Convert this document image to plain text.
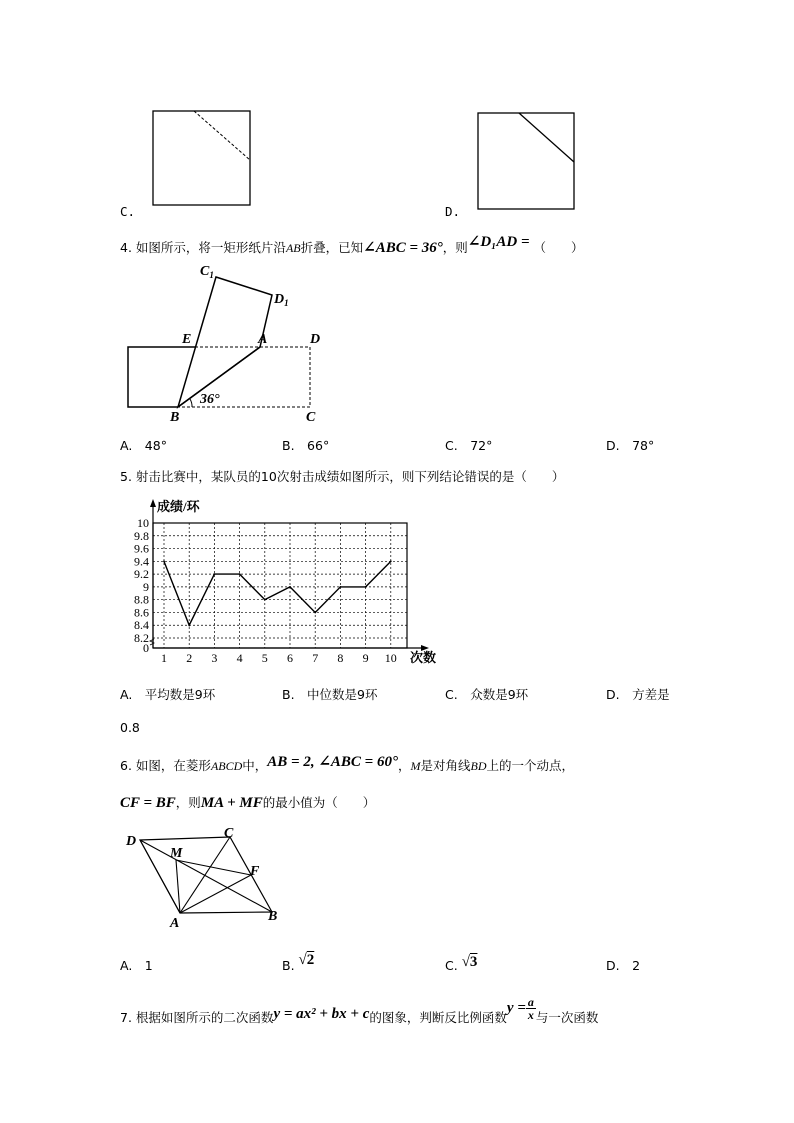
C.	D.
4. 如图所示，将一矩形纸片沿AB折叠，已知∠ABC = 36°，则∠D₁AD = （　　）
$C_1$
$D_1$
E	A	D
B	C
36°
A.　48°	B.　66°	C.　72°	D.　78°
5. 射击比赛中，某队员的10次射击成绩如图所示，则下列结论错误的是（　　）
0
8.2
8.4
8.6
8.8
9
9.2
9.4
9.6
9.8
10
1 2 3 4 5 6 7 8 9 10
成绩/环
次数
A.　平均数是9环	B.　中位数是9环	C.　众数是9环	D.　方差是
0.8
6. 如图，在菱形ABCD中，AB = 2, ∠ABC = 60°，M是对角线BD上的一个动点，
CF = BF，则MA + MF的最小值为（　　）
D
C
M
F
A	B
A.　1	B. √2	C. √3	D.　2
7. 根据如图所示的二次函数y = ax² + bx + c的图象，判断反比例函数$y = \frac{a}{x}$ 与一次函数
